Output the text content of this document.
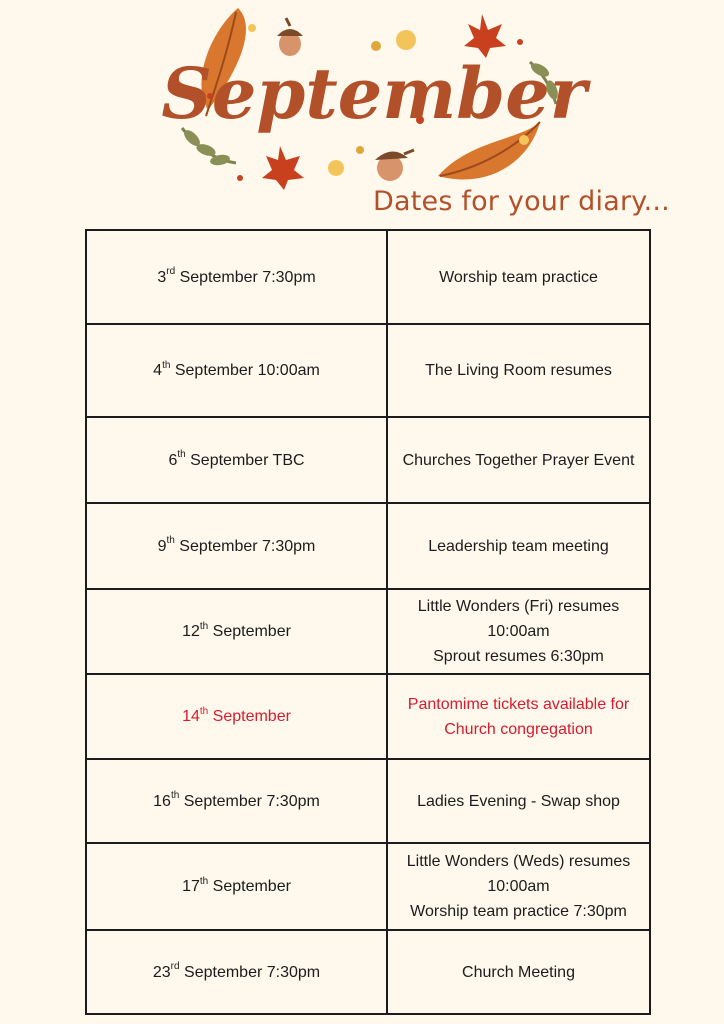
September
Dates for your diary...
3rd September 7:30pm	Worship team practice

4th September 10:00am	The Living Room resumes

6th September TBC	Churches Together Prayer Event

9th September 7:30pm	Leadership team meeting

12th September	Little Wonders (Fri) resumes
10:00am
Sprout resumes 6:30pm

14th September	Pantomime tickets available for
Church congregation

16th September 7:30pm	Ladies Evening - Swap shop

17th September	Little Wonders (Weds) resumes
10:00am
Worship team practice 7:30pm

23rd September 7:30pm	Church Meeting
